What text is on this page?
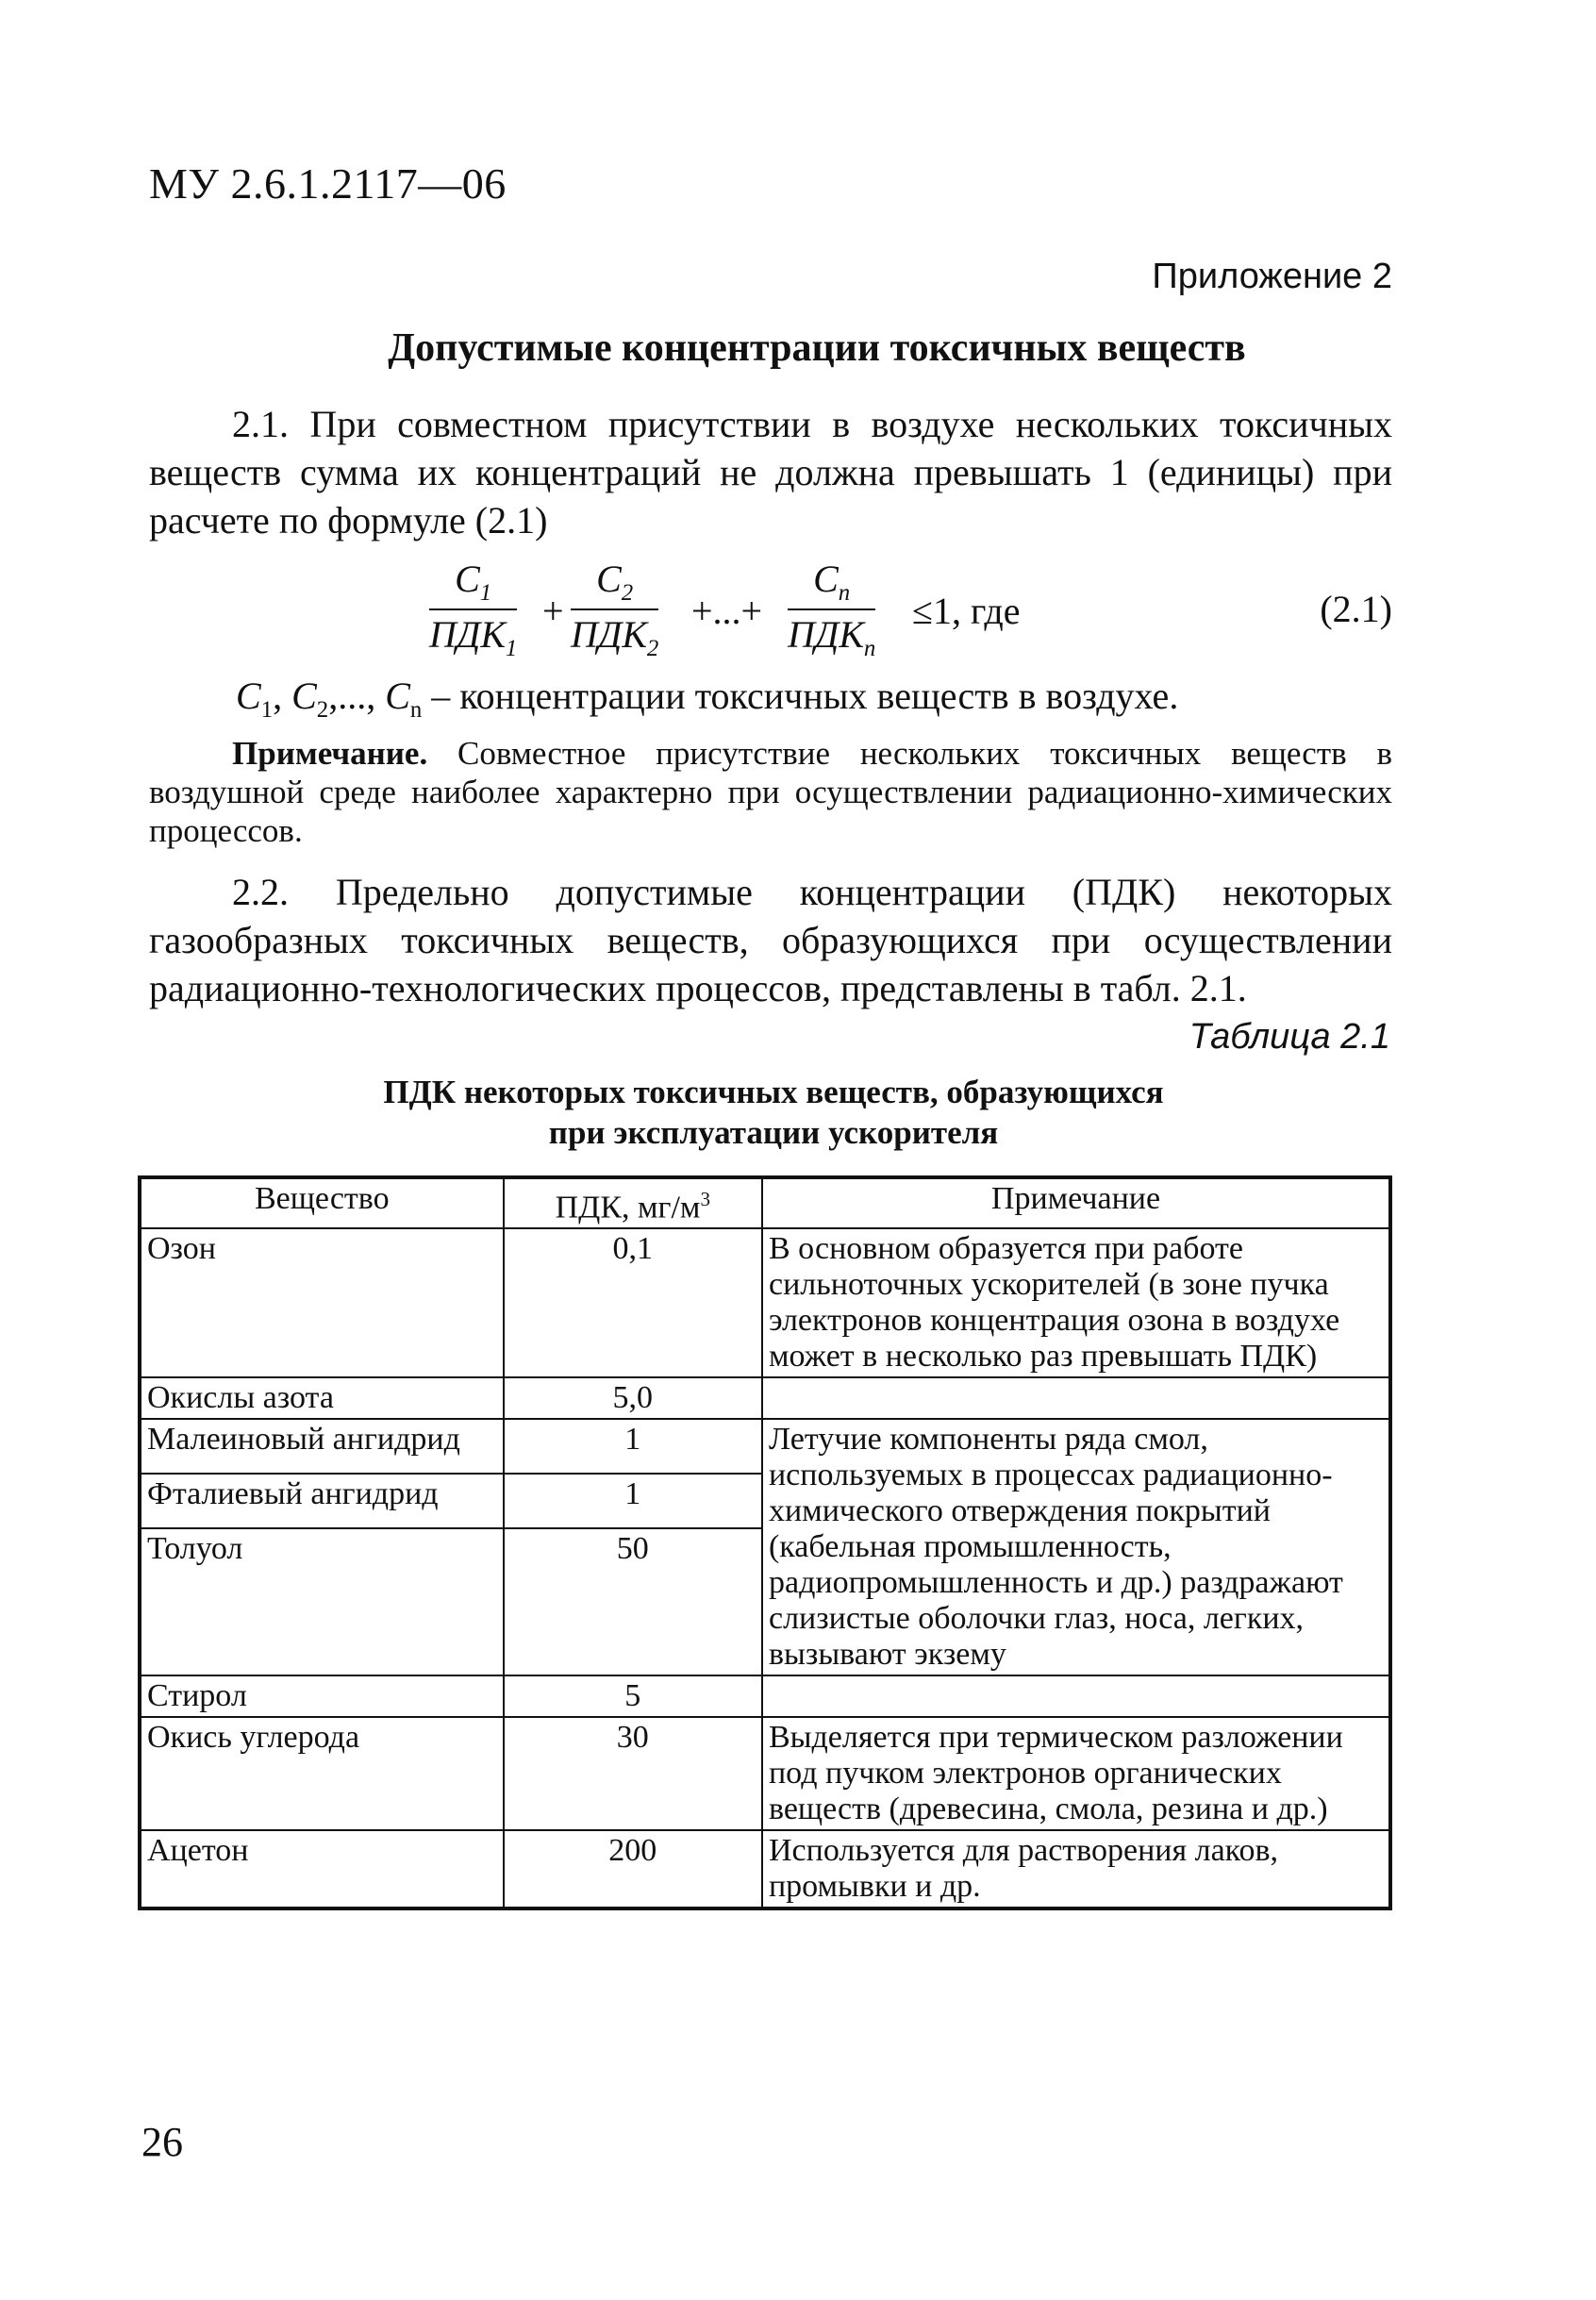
МУ 2.6.1.2117—06
Приложение 2
Допустимые концентрации токсичных веществ
2.1. При совместном присутствии в воздухе нескольких токсичных веществ сумма их концентраций не должна превышать 1 (единицы) при расчете по формуле (2.1)
$C_1$
$ПДК_1$
+
$C_2$
$ПДК_2$
+...+
$C_n$
$ПДК_n$
≤1, где	(2.1)
$C_1$, $C_2$,..., $C_n$ – концентрации токсичных веществ в воздухе.
Примечание. Совместное присутствие нескольких токсичных веществ в воздушной среде наиболее характерно при осуществлении радиационно-химических процессов.
2.2. Предельно допустимые концентрации (ПДК) некоторых газообразных токсичных веществ, образующихся при осуществлении радиационно-технологических процессов, представлены в табл. 2.1.
Таблица 2.1
ПДК некоторых токсичных веществ, образующихся
при эксплуатации ускорителя
Вещество	ПДК, $мг/м^3$	Примечание
Озон	0,1	В основном образуется при работе сильноточных ускорителей (в зоне пучка электронов концентрация озона в воздухе может в несколько раз превышать ПДК)
Окислы азота	5,0	
Малеиновый ангидрид	1	Летучие компоненты ряда смол, используемых в процессах радиационно-химического отверждения покрытий (кабельная промышленность, радиопромышленность и др.) раздражают слизистые оболочки глаз, носа, легких, вызывают экзему
Фталиевый ангидрид	1	
Толуол	50	
Стирол	5	
Окись углерода	30	Выделяется при термическом разложении под пучком электронов органических веществ (древесина, смола, резина и др.)
Ацетон	200	Используется для растворения лаков, промывки и др.
26
